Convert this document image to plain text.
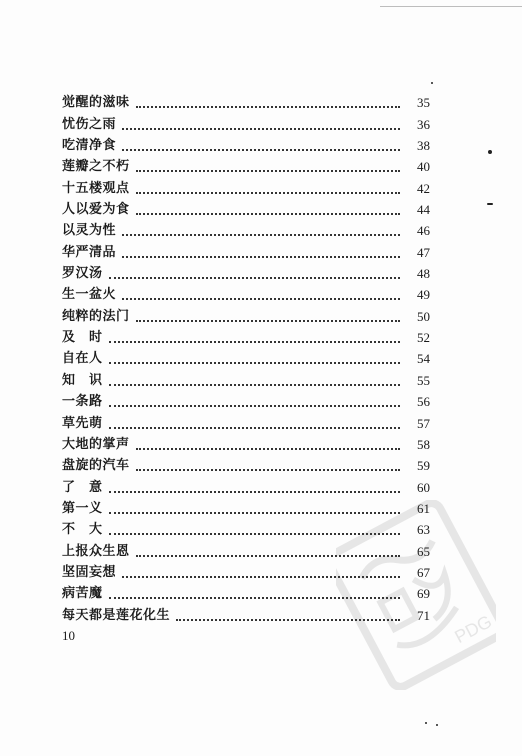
觉醒的滋味	35
忧伤之雨	36
吃清净食	38
莲瓣之不朽	40
十五楼观点	42
人以爱为食	44
以灵为性	46
华严清品	47
罗汉汤	48
生一盆火	49
纯粹的法门	50
及　时	52
自在人	54
知　识	55
一条路	56
草先萌	57
大地的掌声	58
盘旋的汽车	59
了　意	60
第一义	61
不　大	63
上报众生恩	65
坚固妄想	67
病苦魔	69
每天都是莲花化生	71
10	PDG
